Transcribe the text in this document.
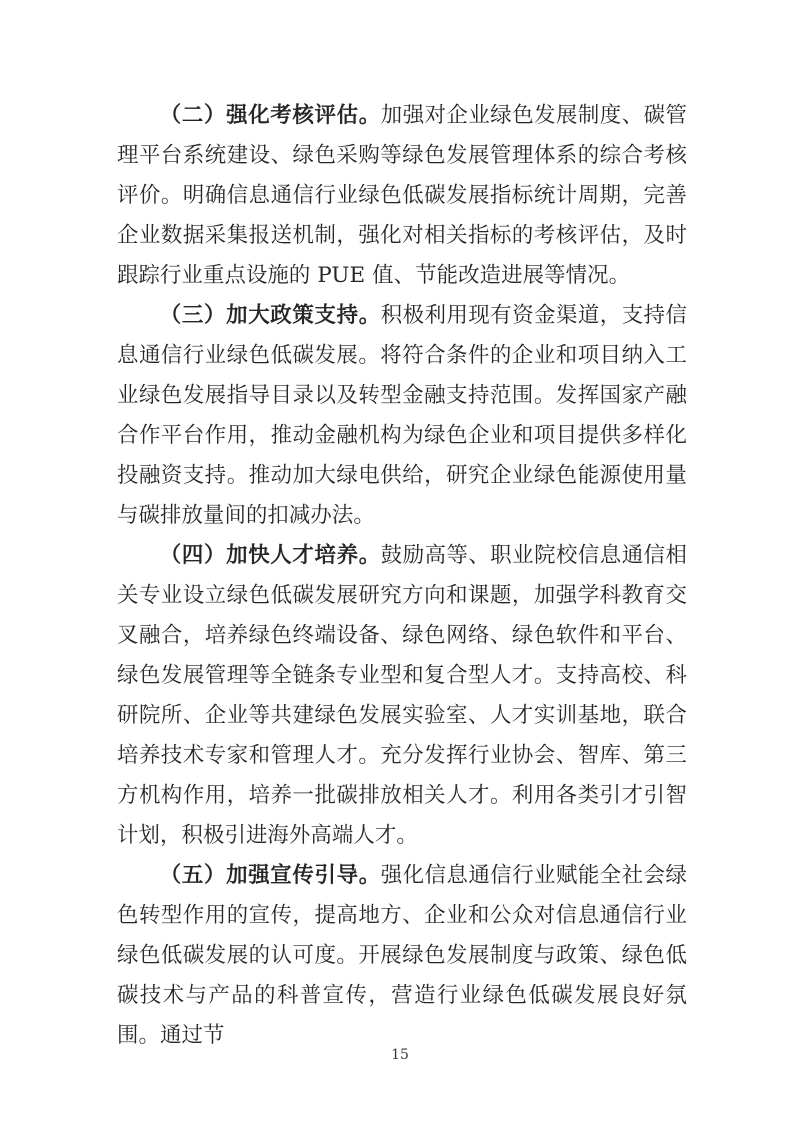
（二）强化考核评估。加强对企业绿色发展制度、碳管理平台系统建设、绿色采购等绿色发展管理体系的综合考核评价。明确信息通信行业绿色低碳发展指标统计周期，完善企业数据采集报送机制，强化对相关指标的考核评估，及时跟踪行业重点设施的 PUE 值、节能改造进展等情况。

（三）加大政策支持。积极利用现有资金渠道，支持信息通信行业绿色低碳发展。将符合条件的企业和项目纳入工业绿色发展指导目录以及转型金融支持范围。发挥国家产融合作平台作用，推动金融机构为绿色企业和项目提供多样化投融资支持。推动加大绿电供给，研究企业绿色能源使用量与碳排放量间的扣减办法。

（四）加快人才培养。鼓励高等、职业院校信息通信相关专业设立绿色低碳发展研究方向和课题，加强学科教育交叉融合，培养绿色终端设备、绿色网络、绿色软件和平台、绿色发展管理等全链条专业型和复合型人才。支持高校、科研院所、企业等共建绿色发展实验室、人才实训基地，联合培养技术专家和管理人才。充分发挥行业协会、智库、第三方机构作用，培养一批碳排放相关人才。利用各类引才引智计划，积极引进海外高端人才。

（五）加强宣传引导。强化信息通信行业赋能全社会绿色转型作用的宣传，提高地方、企业和公众对信息通信行业绿色低碳发展的认可度。开展绿色发展制度与政策、绿色低碳技术与产品的科普宣传，营造行业绿色低碳发展良好氛围。通过节

15
